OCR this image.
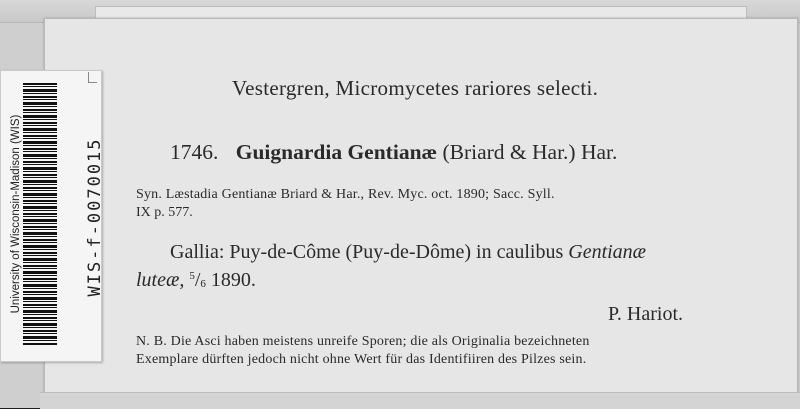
University of Wisconsin-Madison (WIS)	WIS-f-0070015
Vestergren, Micromycetes rariores selecti.
1746. Guignardia Gentianæ (Briard & Har.) Har.
Syn. Læstadia Gentianæ Briard & Har., Rev. Myc. oct. 1890; Sacc. Syll.
IX p. 577.
Gallia: Puy-de-Côme (Puy-de-Dôme) in caulibus Gentianæ
luteæ, $^5/_6$ 1890.
P. Hariot.
N. B. Die Asci haben meistens unreife Sporen; die als Originalia bezeichneten
Exemplare dürften jedoch nicht ohne Wert für das Identifiiren des Pilzes sein.
